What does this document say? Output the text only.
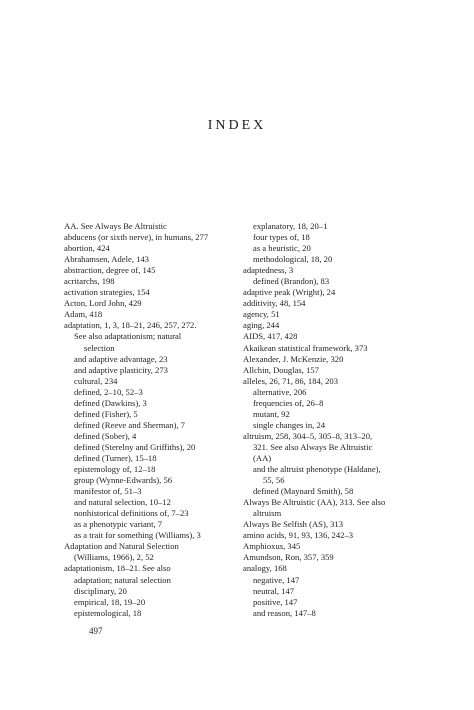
INDEX
AA. See Always Be Altruistic
abducens (or sixth nerve), in humans, 277
abortion, 424
Abrahamsen, Adele, 143
abstraction, degree of, 145
acritarchs, 198
activation strategies, 154
Acton, Lord John, 429
Adam, 418
adaptation, 1, 3, 18–21, 246, 257, 272.
See also adaptationism; natural
selection
and adaptive advantage, 23
and adaptive plasticity, 273
cultural, 234
defined, 2–10, 52–3
defined (Dawkins), 3
defined (Fisher), 5
defined (Reeve and Sherman), 7
defined (Sober), 4
defined (Sterelny and Griffiths), 20
defined (Turner), 15–18
epistemology of, 12–18
group (Wynne-Edwards), 56
manifestor of, 51–3
and natural selection, 10–12
nonhistorical definitions of, 7–23
as a phenotypic variant, 7
as a trait for something (Williams), 3
Adaptation and Natural Selection
(Williams, 1966), 2, 52
adaptationism, 18–21. See also
adaptation; natural selection
disciplinary, 20
empirical, 18, 19–20
epistemological, 18
explanatory, 18, 20–1
four types of, 18
as a heuristic, 20
methodological, 18, 20
adaptedness, 3
defined (Brandon), 83
adaptive peak (Wright), 24
additivity, 48, 154
agency, 51
aging, 244
AIDS, 417, 428
Akaikean statistical framework, 373
Alexander, J. McKenzie, 320
Allchin, Douglas, 157
alleles, 26, 71, 86, 184, 203
alternative, 206
frequencies of, 26–8
mutant, 92
single changes in, 24
altruism, 258, 304–5, 305–8, 313–20,
321. See also Always Be Altruistic
(AA)
and the altruist phenotype (Haldane),
55, 56
defined (Maynard Smith), 58
Always Be Altruistic (AA), 313. See also
altruism
Always Be Selfish (AS), 313
amino acids, 91, 93, 136, 242–3
Amphioxus, 345
Amundson, Ron, 357, 359
analogy, 168
negative, 147
neutral, 147
positive, 147
and reason, 147–8
497
